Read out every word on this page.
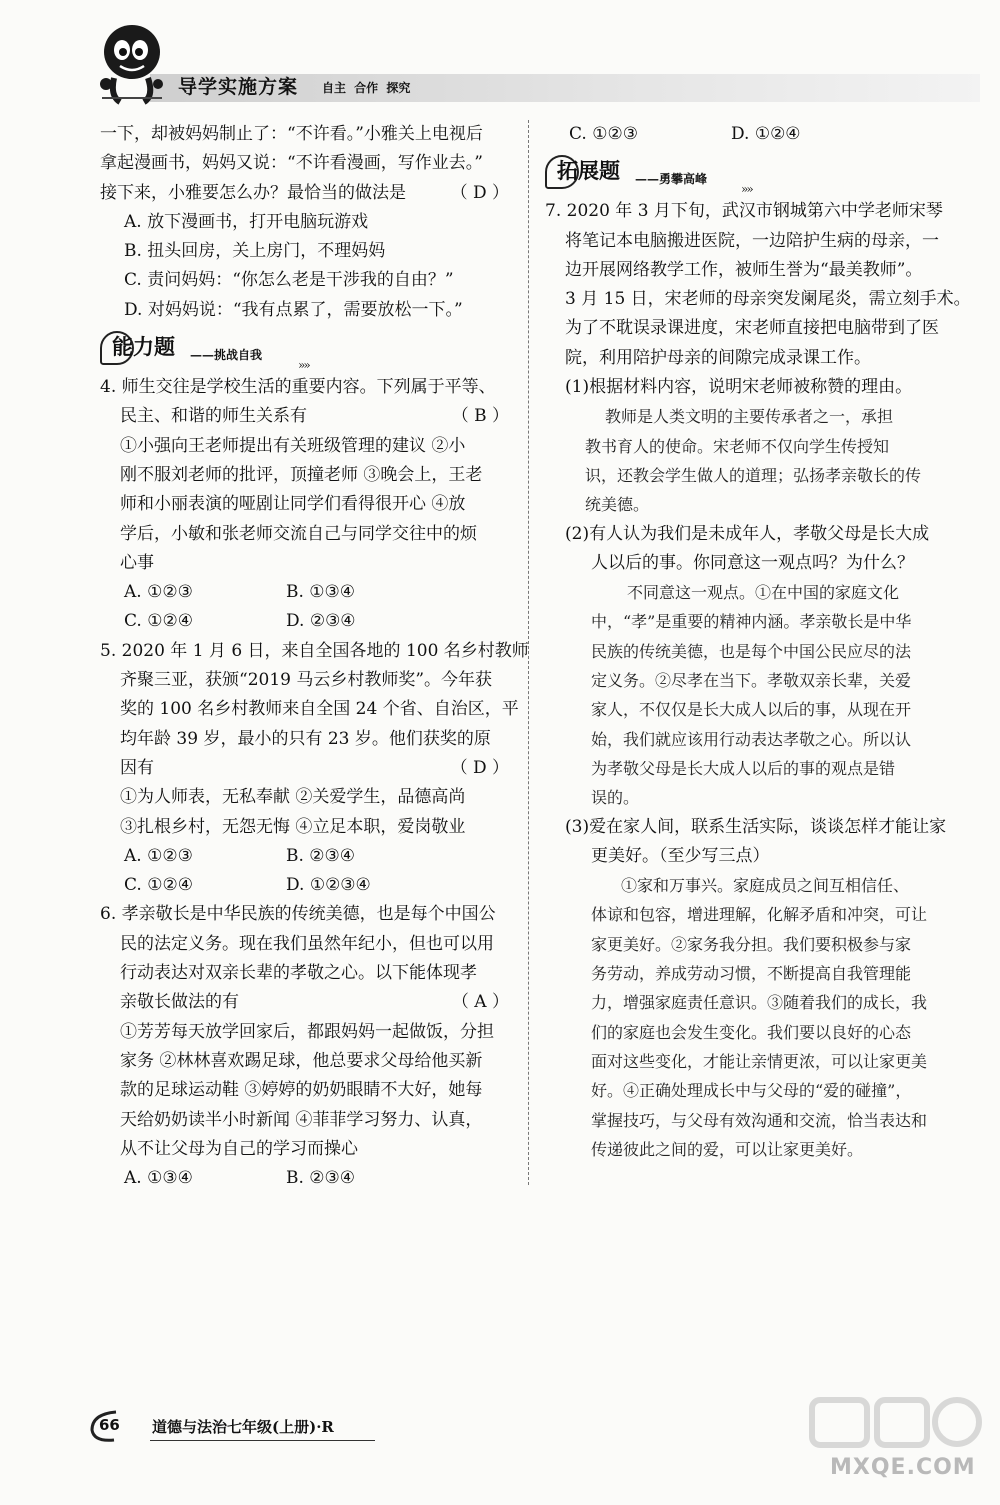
导学实施方案 自主 合作 探究
一下，却被妈妈制止了：“不许看。”小雅关上电视后
拿起漫画书，妈妈又说：“不许看漫画，写作业去。”
接下来，小雅要怎么办？最恰当的做法是	（ D ）
A. 放下漫画书，打开电脑玩游戏
B. 扭头回房，关上房门，不理妈妈
C. 责问妈妈：“你怎么老是干涉我的自由？”
D. 对妈妈说：“我有点累了，需要放松一下。”
能力题 ——挑战自我
»»
4. 师生交往是学校生活的重要内容。下列属于平等、
民主、和谐的师生关系有	（ B ）
①小强向王老师提出有关班级管理的建议 ②小
刚不服刘老师的批评，顶撞老师 ③晚会上，王老
师和小丽表演的哑剧让同学们看得很开心 ④放
学后，小敏和张老师交流自己与同学交往中的烦
心事
A. ①②③	B. ①③④
C. ①②④	D. ②③④
5. 2020 年 1 月 6 日，来自全国各地的 100 名乡村教师
齐聚三亚，获颁“2019 马云乡村教师奖”。今年获
奖的 100 名乡村教师来自全国 24 个省、自治区，平
均年龄 39 岁，最小的只有 23 岁。他们获奖的原
因有	（ D ）
①为人师表，无私奉献 ②关爱学生，品德高尚
③扎根乡村，无怨无悔 ④立足本职，爱岗敬业
A. ①②③	B. ②③④
C. ①②④	D. ①②③④
6. 孝亲敬长是中华民族的传统美德，也是每个中国公
民的法定义务。现在我们虽然年纪小，但也可以用
行动表达对双亲长辈的孝敬之心。以下能体现孝
亲敬长做法的有	（ A ）
①芳芳每天放学回家后，都跟妈妈一起做饭，分担
家务 ②林林喜欢踢足球，他总要求父母给他买新
款的足球运动鞋 ③婷婷的奶奶眼睛不大好，她每
天给奶奶读半小时新闻 ④菲菲学习努力、认真，
从不让父母为自己的学习而操心
A. ①③④	B. ②③④
C. ①②③	D. ①②④
拓展题 ——勇攀高峰
»»
7. 2020 年 3 月下旬，武汉市钢城第六中学老师宋琴
将笔记本电脑搬进医院，一边陪护生病的母亲，一
边开展网络教学工作，被师生誉为“最美教师”。
3 月 15 日，宋老师的母亲突发阑尾炎，需立刻手术。
为了不耽误录课进度，宋老师直接把电脑带到了医
院，利用陪护母亲的间隙完成录课工作。
(1)根据材料内容，说明宋老师被称赞的理由。
教师是人类文明的主要传承者之一，承担
教书育人的使命。宋老师不仅向学生传授知
识，还教会学生做人的道理；弘扬孝亲敬长的传
统美德。
(2)有人认为我们是未成年人，孝敬父母是长大成
人以后的事。你同意这一观点吗？为什么？
不同意这一观点。①在中国的家庭文化
中，“孝”是重要的精神内涵。孝亲敬长是中华
民族的传统美德，也是每个中国公民应尽的法
定义务。②尽孝在当下。孝敬双亲长辈，关爱
家人，不仅仅是长大成人以后的事，从现在开
始，我们就应该用行动表达孝敬之心。所以认
为孝敬父母是长大成人以后的事的观点是错
误的。
(3)爱在家人间，联系生活实际，谈谈怎样才能让家
更美好。（至少写三点）
①家和万事兴。家庭成员之间互相信任、
体谅和包容，增进理解，化解矛盾和冲突，可让
家更美好。②家务我分担。我们要积极参与家
务劳动，养成劳动习惯，不断提高自我管理能
力，增强家庭责任意识。③随着我们的成长，我
们的家庭也会发生变化。我们要以良好的心态
面对这些变化，才能让亲情更浓，可以让家更美
好。④正确处理成长中与父母的“爱的碰撞”，
掌握技巧，与父母有效沟通和交流，恰当表达和
传递彼此之间的爱，可以让家更美好。
66 道德与法治七年级(上册)·R
MXQE.COM
